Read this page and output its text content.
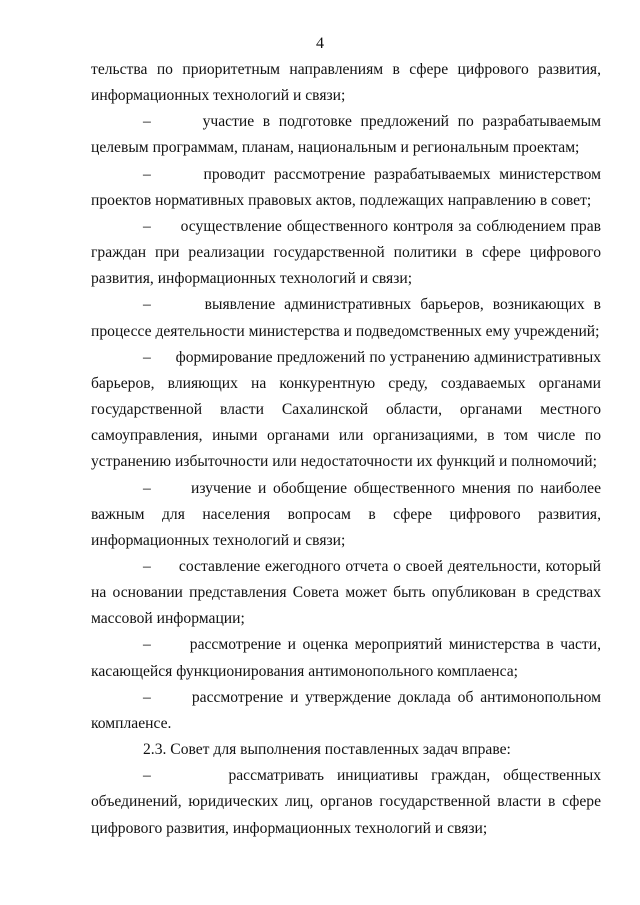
4

тельства по приоритетным направлениям в сфере цифрового развития, информационных технологий и связи;

–	участие в подготовке предложений по разрабатываемым целевым программам, планам, национальным и региональным проектам;

–	проводит рассмотрение разрабатываемых министерством проектов нормативных правовых актов, подлежащих направлению в совет;

– осуществление общественного контроля за соблюдением прав граждан при реализации государственной политики в сфере цифрового развития, информационных технологий и связи;

–	выявление административных барьеров, возникающих в процессе деятельности министерства и подведомственных ему учреждений;

– формирование предложений по устранению административных барьеров, влияющих на конкурентную среду, создаваемых органами государственной власти Сахалинской области, органами местного самоуправления, иными органами или организациями, в том числе по устранению избыточности или недостаточности их функций и полномочий;

–	изучение и обобщение общественного мнения по наиболее важным для населения вопросам в сфере цифрового развития, информационных технологий и связи;

– составление ежегодного отчета о своей деятельности, который на основании представления Совета может быть опубликован в средствах массовой информации;

–	рассмотрение и оценка мероприятий министерства в части, касающейся функционирования антимонопольного комплаенса;

–	рассмотрение и утверждение доклада об антимонопольном комплаенсе.

2.3. Совет для выполнения поставленных задач вправе:

–	рассматривать инициативы граждан, общественных объединений, юридических лиц, органов государственной власти в сфере цифрового развития, информационных технологий и связи;
